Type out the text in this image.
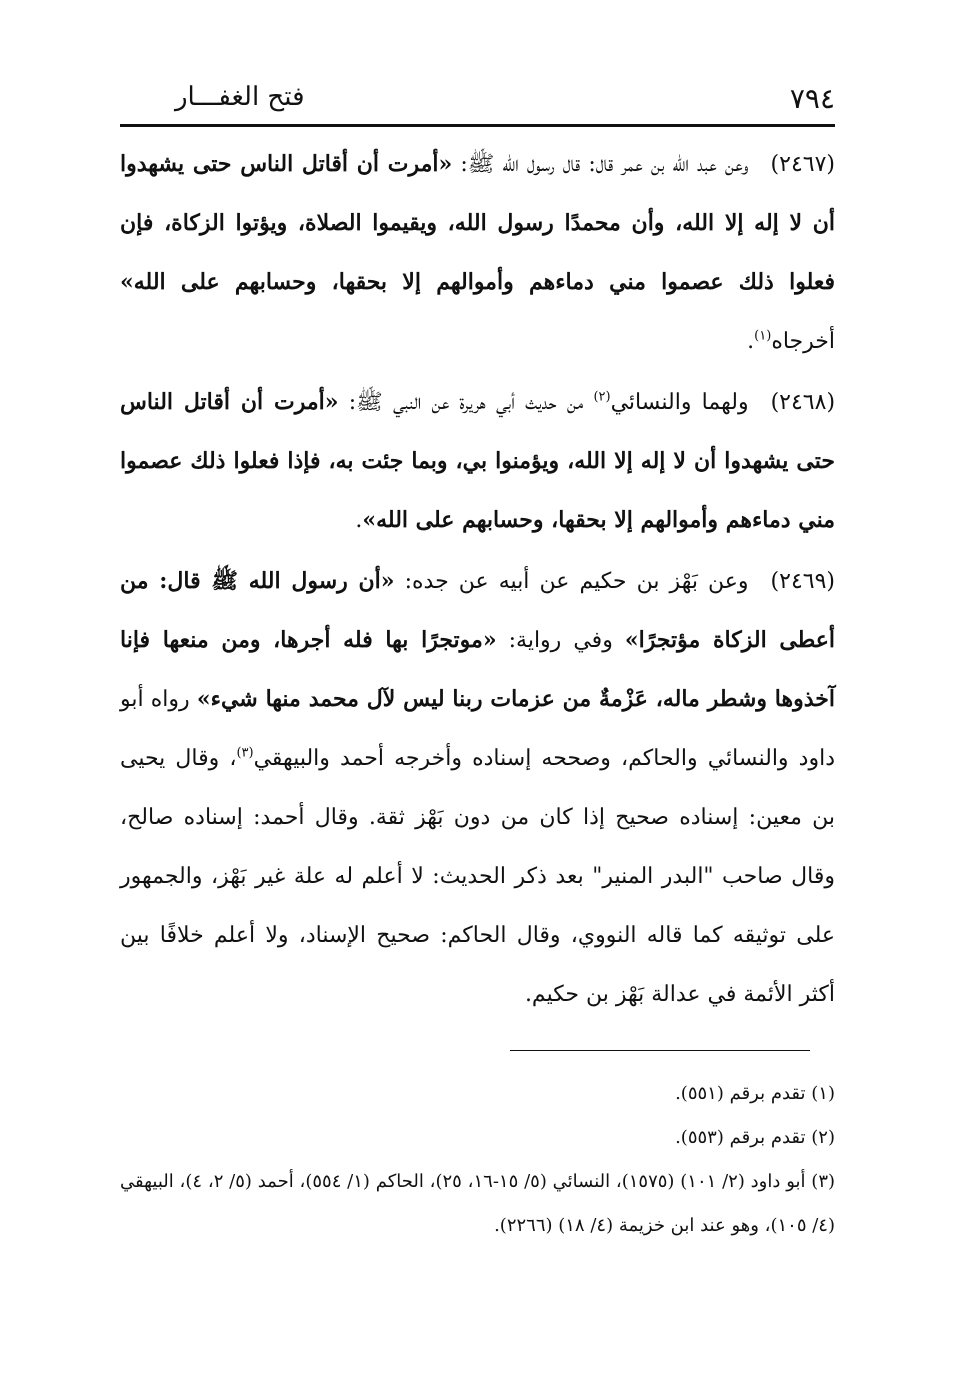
٧٩٤
فتح الغفـــار

(٢٤٦٧)وعن عبد الله بن عمر قال: قال رسول الله ﷺ: «أمرت أن أقاتل الناس حتى يشهدوا أن لا إله إلا الله، وأن محمدًا رسول الله، ويقيموا الصلاة، ويؤتوا الزكاة، فإن فعلوا ذلك عصموا مني دماءهم وأموالهم إلا بحقها، وحسابهم على الله» أخرجاه$^{(١)}$.

(٢٤٦٨)ولهما والنسائي$^{(٢)}$ من حديث أبي هريرة عن النبي ﷺ: «أمرت أن أقاتل الناس حتى يشهدوا أن لا إله إلا الله، ويؤمنوا بي، وبما جئت به، فإذا فعلوا ذلك عصموا مني دماءهم وأموالهم إلا بحقها، وحسابهم على الله».

(٢٤٦٩)وعن بَهْز بن حكيم عن أبيه عن جده: «أن رسول الله ﷺ قال: من أعطى الزكاة مؤتجرًا» وفي رواية: «موتجرًا بها فله أجرها، ومن منعها فإنا آخذوها وشطر ماله، عَزْمةٌ من عزمات ربنا ليس لآل محمد منها شيء» رواه أبو داود والنسائي والحاكم، وصححه إسناده وأخرجه أحمد والبيهقي$^{(٣)}$، وقال يحيى بن معين: إسناده صحيح إذا كان من دون بَهْز ثقة. وقال أحمد: إسناده صالح، وقال صاحب "البدر المنير" بعد ذكر الحديث: لا أعلم له علة غير بَهْز، والجمهور على توثيقه كما قاله النووي، وقال الحاكم: صحيح الإسناد، ولا أعلم خلافًا بين أكثر الأئمة في عدالة بَهْز بن حكيم.

(١) تقدم برقم (٥٥١).

(٢) تقدم برقم (٥٥٣).

(٣) أبو داود (٢/ ١٠١) (١٥٧٥)، النسائي (٥/ ١٥-١٦، ٢٥)، الحاكم (١/ ٥٥٤)، أحمد (٥/ ٢، ٤)، البيهقي (٤/ ١٠٥)، وهو عند ابن خزيمة (٤/ ١٨) (٢٢٦٦).
